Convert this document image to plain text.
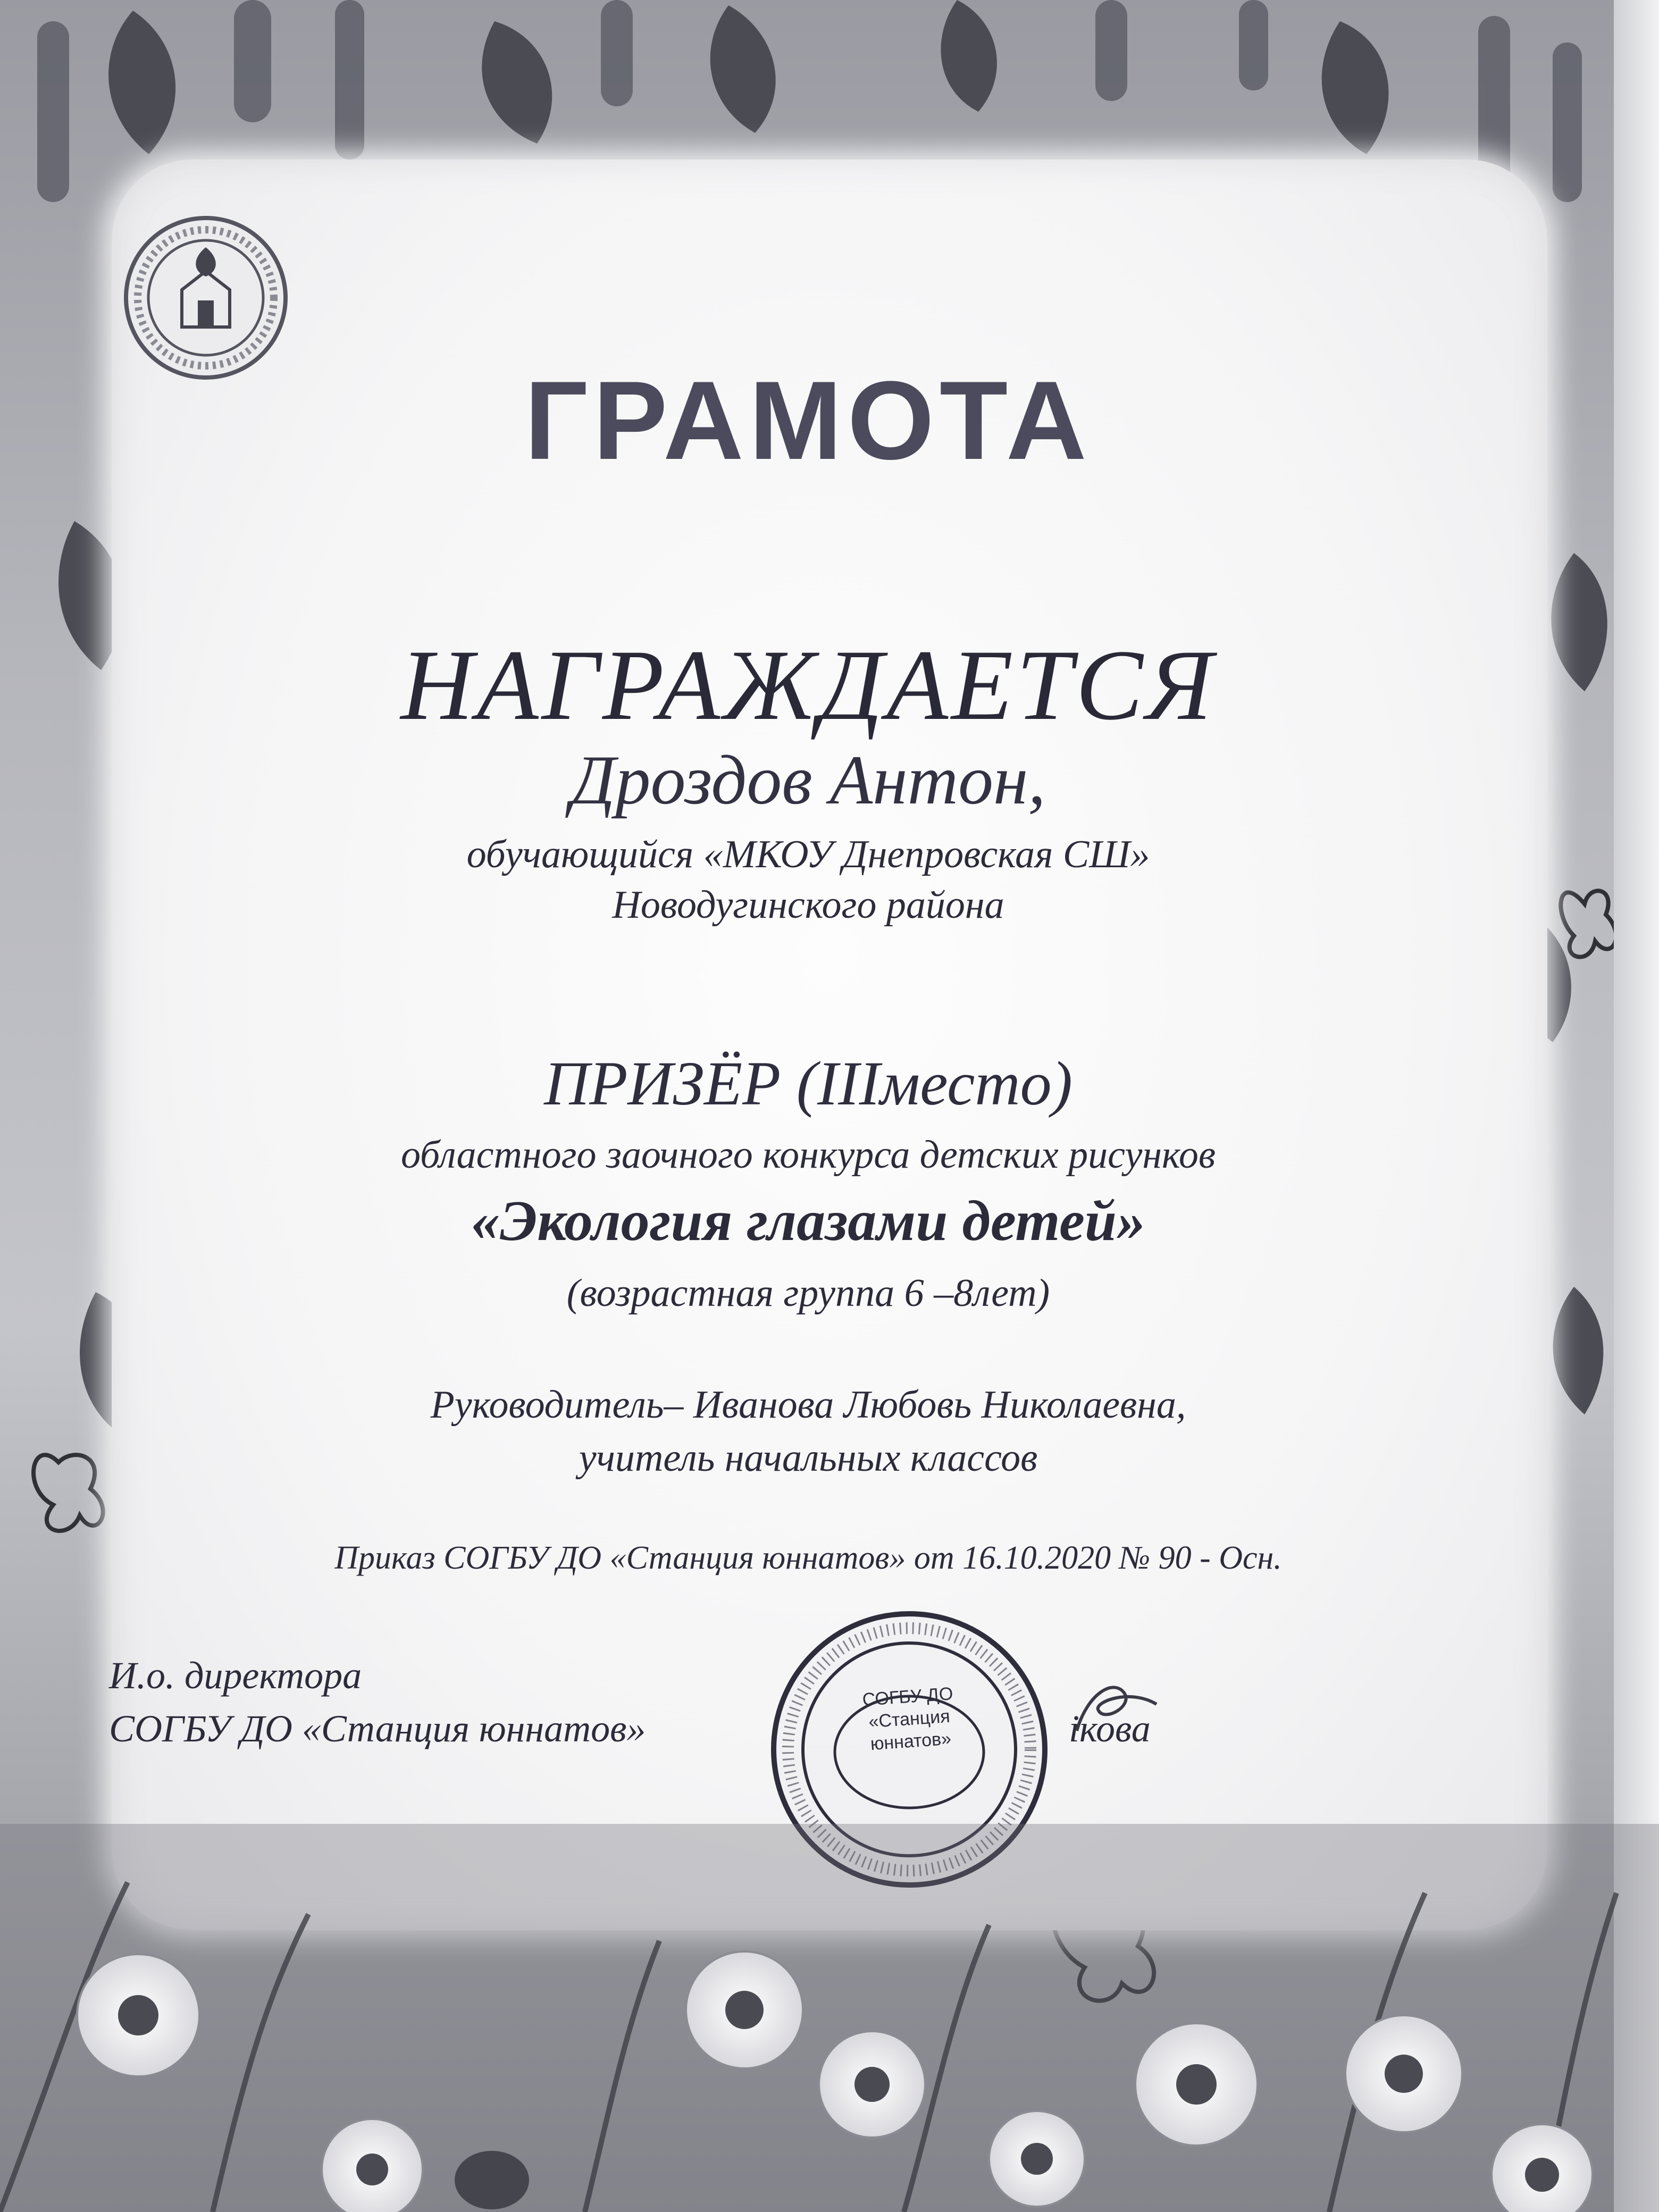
ГРАМОТА

НАГРАЖДАЕТСЯ

Дроздов Антон,

обучающийся «МКОУ Днепровская СШ»

Новодугинского района

ПРИЗЁР (IIIместо)

областного заочного конкурса детских рисунков

«Экология глазами детей»

(возрастная группа 6 –8лет)

Руководитель– Иванова Любовь Николаевна,

учитель начальных классов

Приказ СОГБУ ДО «Станция юннатов» от 16.10.2020 № 90 - Осн.

И.о. директора

СОГБУ ДО «Станция юннатов»	ікова

СОГБУ ДО
«Станция
юннатов»
